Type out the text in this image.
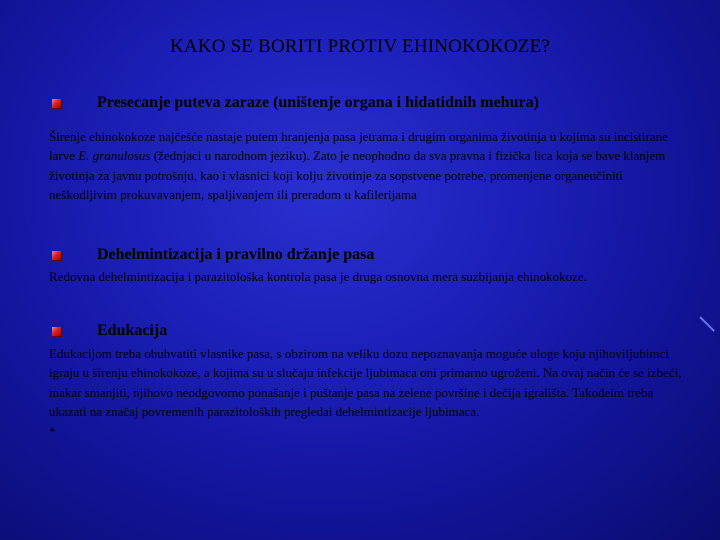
KAKO SE BORITI PROTIV EHINOKOKOZE?
Presecanje puteva zaraze (uništenje organa i hidatidnih mehura)
Širenje ehinokokoze najčešće nastaje putem hranjenja pasa jetrama i drugim organima životinja u kojima su incistirane larve E. granulosus (žednjaci u narodnom jeziku). Zato je neophodno da sva pravna i fizička lica koja se bave klanjem životinja za javnu potrošnju, kao i vlasnici koji kolju životinje za sopstvene potrebe, promenjene organeučiniti neškodljivim prokuvavanjem, spaljivanjem ili preradom u kafilerijama
Dehelmintizacija i pravilno držanje pasa
Redovna dehelmintizacija i parazitološka kontrola pasa je druga osnovna mera suzbijanja ehinokokoze.
Edukacija
Edukacijom treba obuhvatiti vlasnike pasa, s obzirom na veliku dozu nepoznavanja moguće uloge koju njihoviljubimci igraju u širenju ehinokokoze, a kojima su u slučaju infekcije ljubimaca oni primarno ugroženi. Na ovaj način će se izbeći, makar smanjiti, njihovo neodgovorno ponašanje i puštanje pasa na zelene površine i dečija igrališta. Takođeim treba ukazati na značaj povremenih parazitoloških pregledai dehelmintizacije ljubimaca.
*
